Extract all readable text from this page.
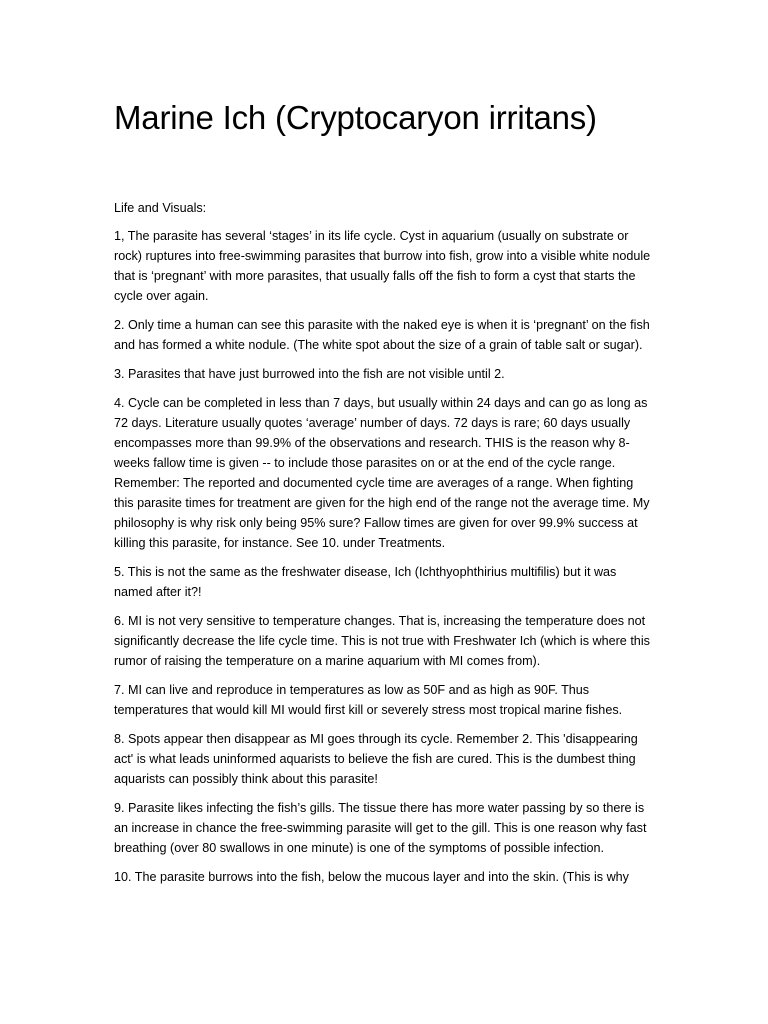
Marine Ich (Cryptocaryon irritans)

Life and Visuals:

1, The parasite has several ‘stages’ in its life cycle. Cyst in aquarium (usually on substrate or rock) ruptures into free-swimming parasites that burrow into fish, grow into a visible white nodule that is ‘pregnant’ with more parasites, that usually falls off the fish to form a cyst that starts the cycle over again.

2. Only time a human can see this parasite with the naked eye is when it is ‘pregnant’ on the fish and has formed a white nodule. (The white spot about the size of a grain of table salt or sugar).

3. Parasites that have just burrowed into the fish are not visible until 2.

4. Cycle can be completed in less than 7 days, but usually within 24 days and can go as long as 72 days. Literature usually quotes ‘average’ number of days. 72 days is rare; 60 days usually encompasses more than 99.9% of the observations and research. THIS is the reason why 8-weeks fallow time is given -- to include those parasites on or at the end of the cycle range. Remember: The reported and documented cycle time are averages of a range. When fighting this parasite times for treatment are given for the high end of the range not the average time. My philosophy is why risk only being 95% sure? Fallow times are given for over 99.9% success at killing this parasite, for instance. See 10. under Treatments.

5. This is not the same as the freshwater disease, Ich (Ichthyophthirius multifilis) but it was named after it?!

6. MI is not very sensitive to temperature changes. That is, increasing the temperature does not significantly decrease the life cycle time. This is not true with Freshwater Ich (which is where this rumor of raising the temperature on a marine aquarium with MI comes from).

7. MI can live and reproduce in temperatures as low as 50F and as high as 90F. Thus temperatures that would kill MI would first kill or severely stress most tropical marine fishes.

8. Spots appear then disappear as MI goes through its cycle. Remember 2. This 'disappearing act' is what leads uninformed aquarists to believe the fish are cured. This is the dumbest thing aquarists can possibly think about this parasite!

9. Parasite likes infecting the fish’s gills. The tissue there has more water passing by so there is an increase in chance the free-swimming parasite will get to the gill. This is one reason why fast breathing (over 80 swallows in one minute) is one of the symptoms of possible infection.

10. The parasite burrows into the fish, below the mucous layer and into the skin. (This is why
